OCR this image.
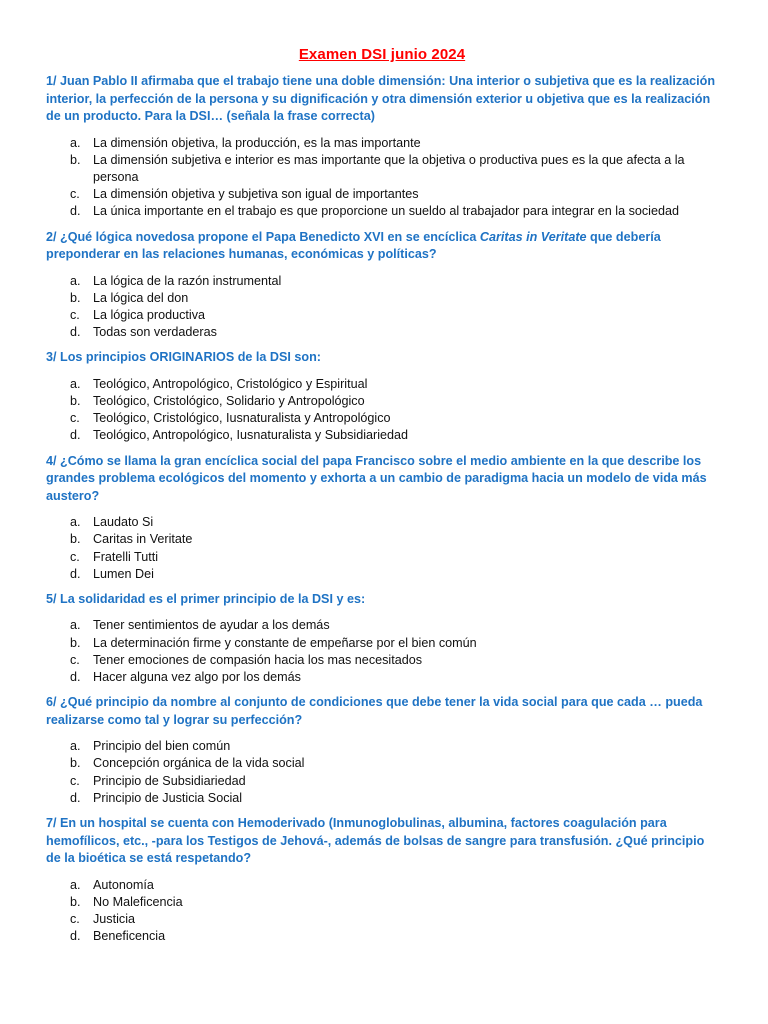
Examen DSI junio 2024

1/ Juan Pablo II afirmaba que el trabajo tiene una doble dimensión: Una interior o subjetiva que es la realización interior, la perfección de la persona y su dignificación y otra dimensión exterior u objetiva que es la realización de un producto. Para la DSI… (señala la frase correcta)

a. La dimensión objetiva, la producción, es la mas importante
b. La dimensión subjetiva e interior es mas importante que la objetiva o productiva pues es la que afecta a la persona
c.	La dimensión objetiva y subjetiva son igual de importantes
d. La única importante en el trabajo es que proporcione un sueldo al trabajador para integrar en la sociedad

2/ ¿Qué lógica novedosa propone el Papa Benedicto XVI en se encíclica Caritas in Veritate que debería preponderar en las relaciones humanas, económicas y políticas?

a. La lógica de la razón instrumental
b. La lógica del don
c.	La lógica productiva
d. Todas son verdaderas

3/ Los principios ORIGINARIOS de la DSI son:

a. Teológico, Antropológico, Cristológico y Espiritual
b. Teológico, Cristológico, Solidario y Antropológico
c.	Teológico, Cristológico, Iusnaturalista y Antropológico
d. Teológico, Antropológico, Iusnaturalista y Subsidiariedad

4/ ¿Cómo se llama la gran encíclica social del papa Francisco sobre el medio ambiente en la que describe los grandes problema ecológicos del momento y exhorta a un cambio de paradigma hacia un modelo de vida más austero?

a. Laudato Si
b. Caritas in Veritate
c.	Fratelli Tutti
d. Lumen Dei

5/ La solidaridad es el primer principio de la DSI y es:

a. Tener sentimientos de ayudar a los demás
b. La determinación firme y constante de empeñarse por el bien común
c.	Tener emociones de compasión hacia los mas necesitados
d. Hacer alguna vez algo por los demás

6/ ¿Qué principio da nombre al conjunto de condiciones que debe tener la vida social para que cada … pueda realizarse como tal y lograr su perfección?

a. Principio del bien común
b. Concepción orgánica de la vida social
c.	Principio de Subsidiariedad
d. Principio de Justicia Social

7/ En un hospital se cuenta con Hemoderivado (Inmunoglobulinas, albumina, factores coagulación para hemofílicos, etc., -para los Testigos de Jehová-, además de bolsas de sangre para transfusión. ¿Qué principio de la bioética se está respetando?

a. Autonomía
b. No Maleficencia
c.	Justicia
d. Beneficencia
